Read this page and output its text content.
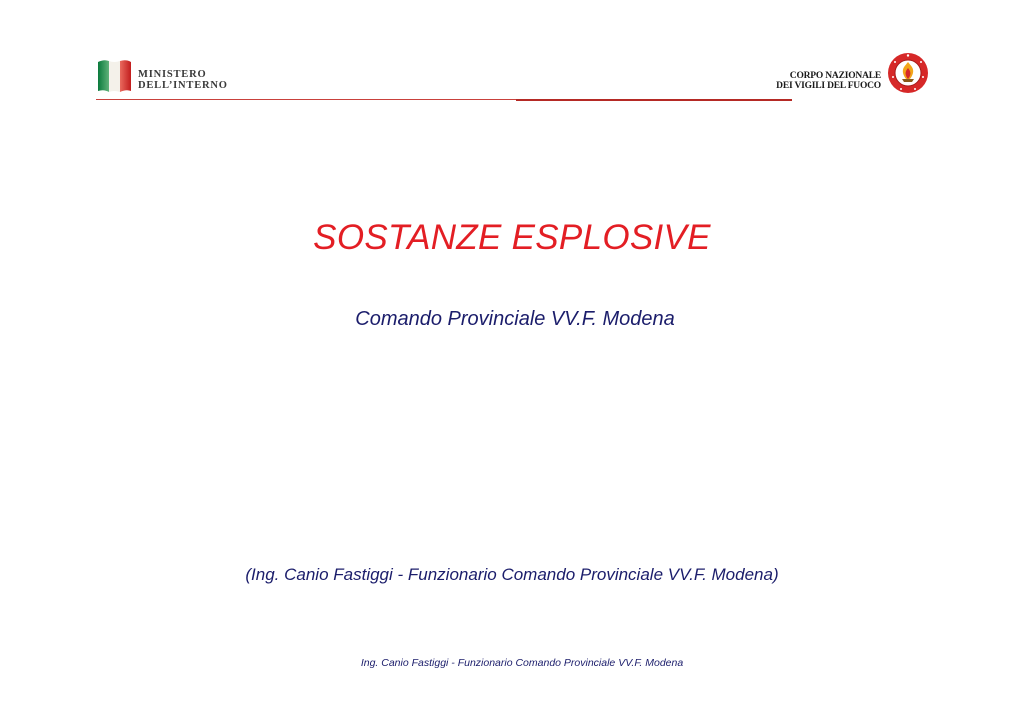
MINISTERO
DELL’INTERNO
CORPO NAZIONALE
DEI VIGILI DEL FUOCO
SOSTANZE ESPLOSIVE
Comando Provinciale VV.F. Modena
(Ing. Canio Fastiggi - Funzionario Comando Provinciale VV.F. Modena)
Ing. Canio Fastiggi - Funzionario Comando Provinciale VV.F. Modena
